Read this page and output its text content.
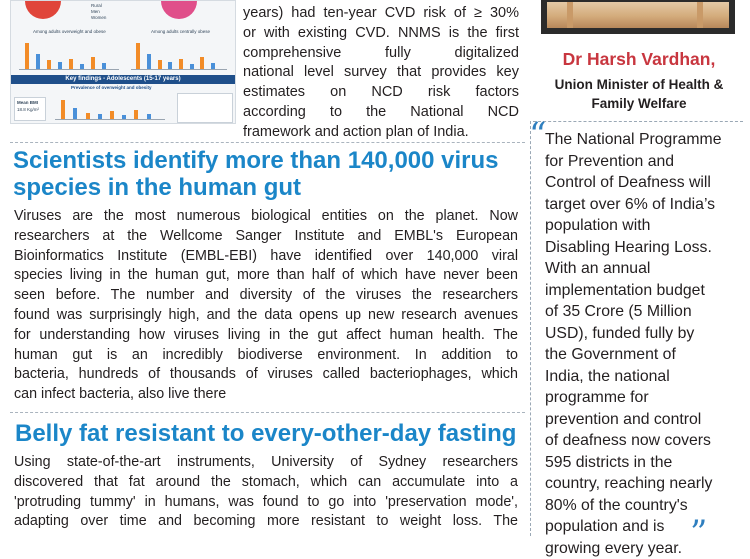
Rural
Men
Women
Among adults overweight and obese	Among adults centrally obese
Key findings - Adolescents (15-17 years)
Prevalence of overweight and obesity
Mean BMI
18.8 Kg/m²
years) had ten-year CVD risk of ≥ 30%
or with existing CVD. NNMS is the first
comprehensive fully digitalized
national level survey that provides key
estimates on NCD risk factors
according to the National NCD
framework and action plan of India.
Dr Harsh Vardhan,
Union Minister of Health &
Family Welfare
“
The National Programme
for Prevention and
Control of Deafness will
target over 6% of India’s
population with
Disabling Hearing Loss.
With an annual
implementation budget
of 35 Crore (5 Million
USD), funded fully by
the Government of
India, the national
programme for
prevention and control
of deafness now covers
595 districts in the
country, reaching nearly
80% of the country's
population and is
growing every year. ”
Scientists identify more than 140,000 virus
species in the human gut
Viruses are the most numerous biological entities on the planet. Now
researchers at the Wellcome Sanger Institute and EMBL's European
Bioinformatics Institute (EMBL-EBI) have identified over 140,000 viral
species living in the human gut, more than half of which have never been
seen before. The number and diversity of the viruses the researchers
found was surprisingly high, and the data opens up new research avenues
for understanding how viruses living in the gut affect human health. The
human gut is an incredibly biodiverse environment. In addition to
bacteria, hundreds of thousands of viruses called bacteriophages, which
can infect bacteria, also live there
Belly fat resistant to every-other-day fasting
Using state-of-the-art instruments, University of Sydney researchers
discovered that fat around the stomach, which can accumulate into a
'protruding tummy' in humans, was found to go into 'preservation mode',
adapting over time and becoming more resistant to weight loss. The
